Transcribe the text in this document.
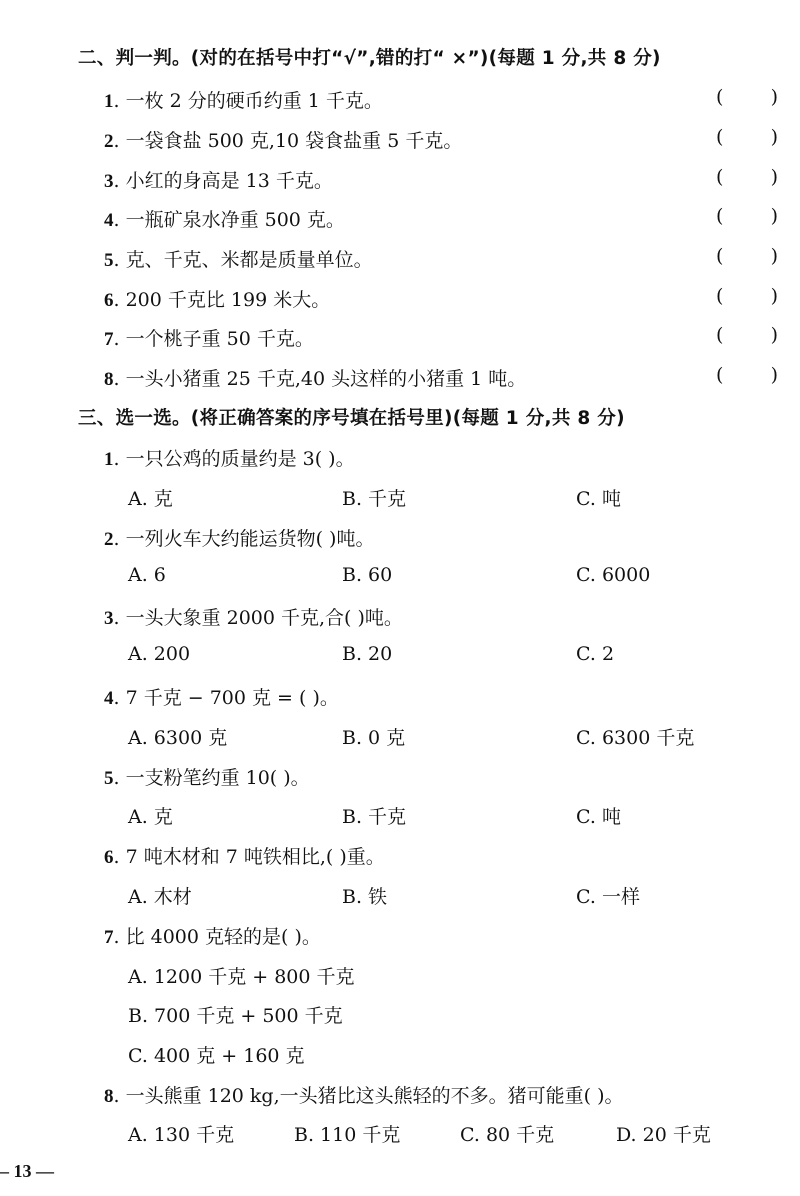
二、判一判。(对的在括号中打“√”,错的打“ ×”)(每题 1 分,共 8 分)
1. 一枚 2 分的硬币约重 1 千克。	( )
2. 一袋食盐 500 克,10 袋食盐重 5 千克。	( )
3. 小红的身高是 13 千克。	( )
4. 一瓶矿泉水净重 500 克。	( )
5. 克、千克、米都是质量单位。	( )
6. 200 千克比 199 米大。	( )
7. 一个桃子重 50 千克。	( )
8. 一头小猪重 25 千克,40 头这样的小猪重 1 吨。	( )
三、选一选。(将正确答案的序号填在括号里)(每题 1 分,共 8 分)
1. 一只公鸡的质量约是 3( )。
A. 克	B. 千克	C. 吨
2. 一列火车大约能运货物( )吨。
A. 6	B. 60	C. 6000
3. 一头大象重 2000 千克,合( )吨。
A. 200	B. 20	C. 2
4. 7 千克 − 700 克 = ( )。
A. 6300 克	B. 0 克	C. 6300 千克
5. 一支粉笔约重 10( )。
A. 克	B. 千克	C. 吨
6. 7 吨木材和 7 吨铁相比,( )重。
A. 木材	B. 铁	C. 一样
7. 比 4000 克轻的是( )。
A. 1200 千克 + 800 千克
B. 700 千克 + 500 千克
C. 400 克 + 160 克
8. 一头熊重 120 kg,一头猪比这头熊轻的不多。猪可能重( )。
A. 130 千克	B. 110 千克	C. 80 千克	D. 20 千克
– 13 —
